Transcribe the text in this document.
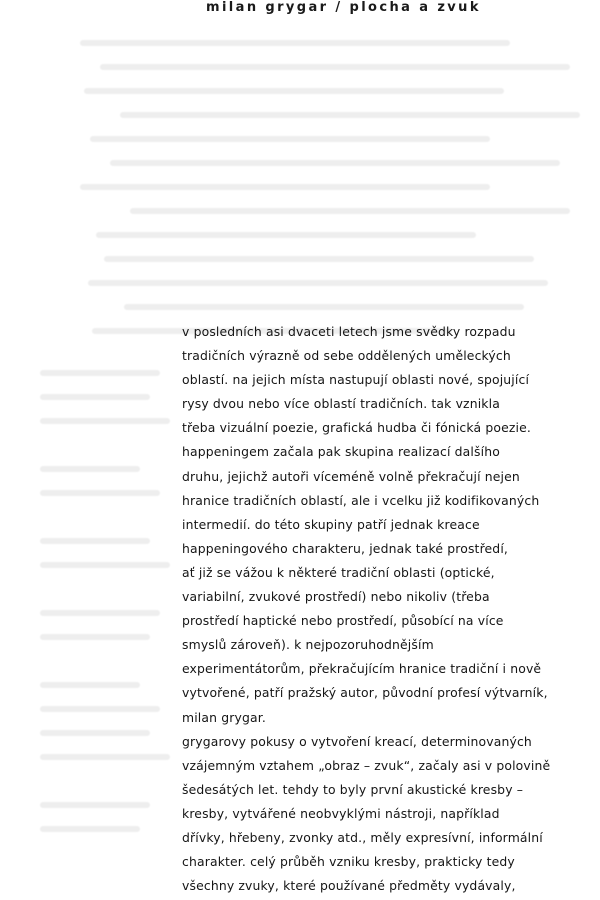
milan grygar / plocha a zvuk
v posledních asi dvaceti letech jsme svědky rozpadu
tradičních výrazně od sebe oddělených uměleckých
oblastí. na jejich místa nastupují oblasti nové, spojující
rysy dvou nebo více oblastí tradičních. tak vznikla
třeba vizuální poezie, grafická hudba či fónická poezie.
happeningem začala pak skupina realizací dalšího
druhu, jejichž autoři víceméně volně překračují nejen
hranice tradičních oblastí, ale i vcelku již kodifikovaných
intermedií. do této skupiny patří jednak kreace
happeningového charakteru, jednak také prostředí,
ať již se vážou k některé tradiční oblasti (optické,
variabilní, zvukové prostředí) nebo nikoliv (třeba
prostředí haptické nebo prostředí, působící na více
smyslů zároveň). k nejpozoruhodnějším
experimentátorům, překračujícím hranice tradiční i nově
vytvořené, patří pražský autor, původní profesí výtvarník,
milan grygar.
grygarovy pokusy o vytvoření kreací, determinovaných
vzájemným vztahem „obraz – zvuk“, začaly asi v polovině
šedesátých let. tehdy to byly první akustické kresby –
kresby, vytvářené neobvyklými nástroji, například
dřívky, hřebeny, zvonky atd., měly expresívní, informální
charakter. celý průběh vzniku kresby, prakticky tedy
všechny zvuky, které používané předměty vydávaly,
